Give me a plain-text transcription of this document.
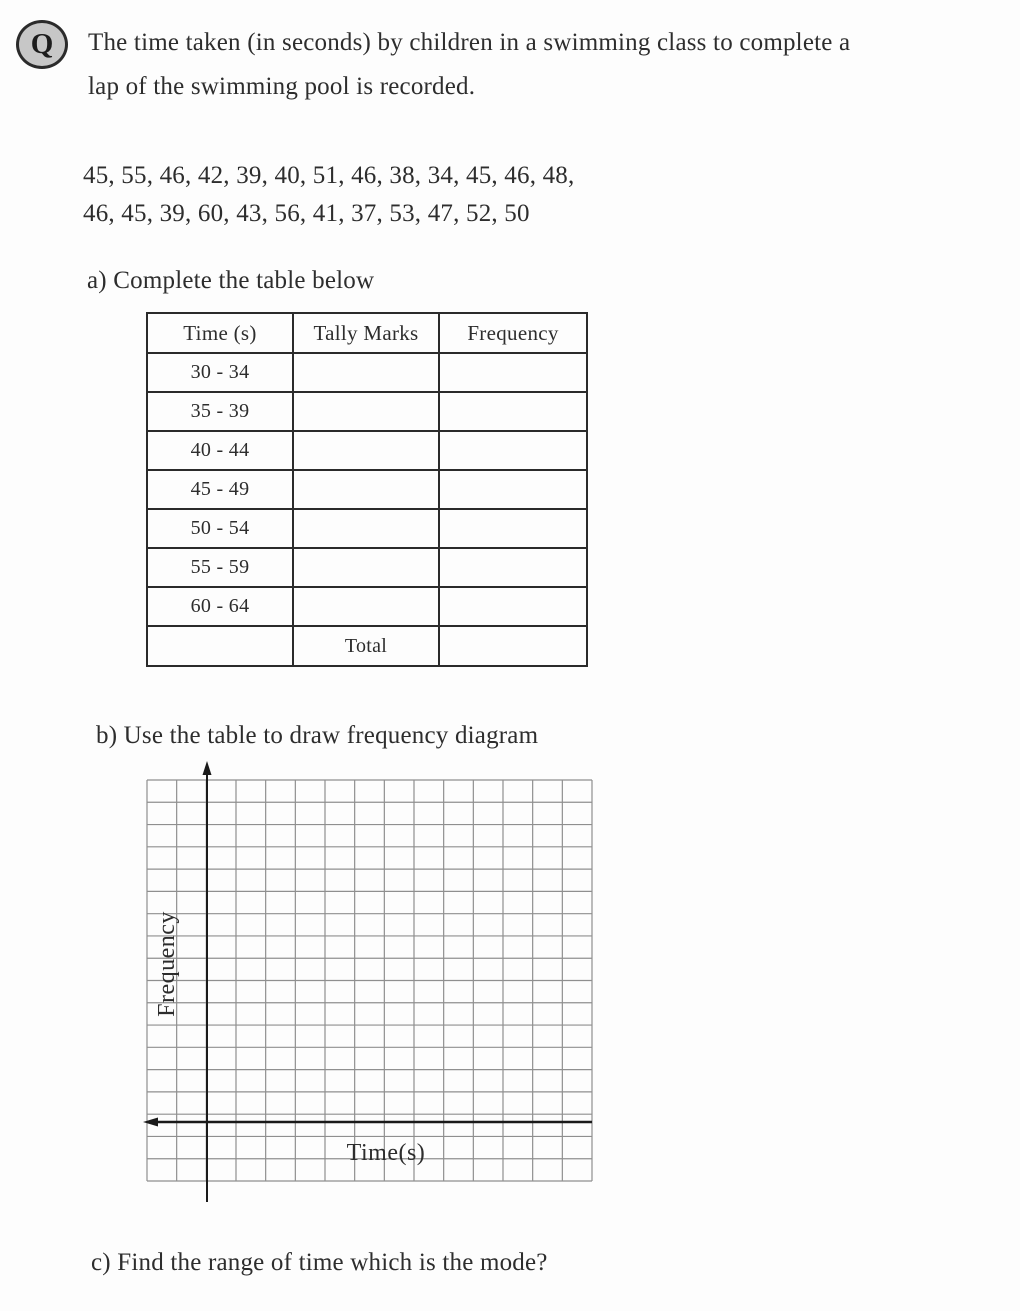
Q The time taken (in seconds) by children in a swimming class to complete a
lap of the swimming pool is recorded.
45, 55, 46, 42, 39, 40, 51, 46, 38, 34, 45, 46, 48,
46, 45, 39, 60, 43, 56, 41, 37, 53, 47, 52, 50
a) Complete the table below
Time (s)	Tally Marks	Frequency
30 - 34		
35 - 39		
40 - 44		
45 - 49		
50 - 54		
55 - 59		
60 - 64		
	Total	
b) Use the table to draw frequency diagram
Frequency
Time(s)
c) Find the range of time which is the mode?
